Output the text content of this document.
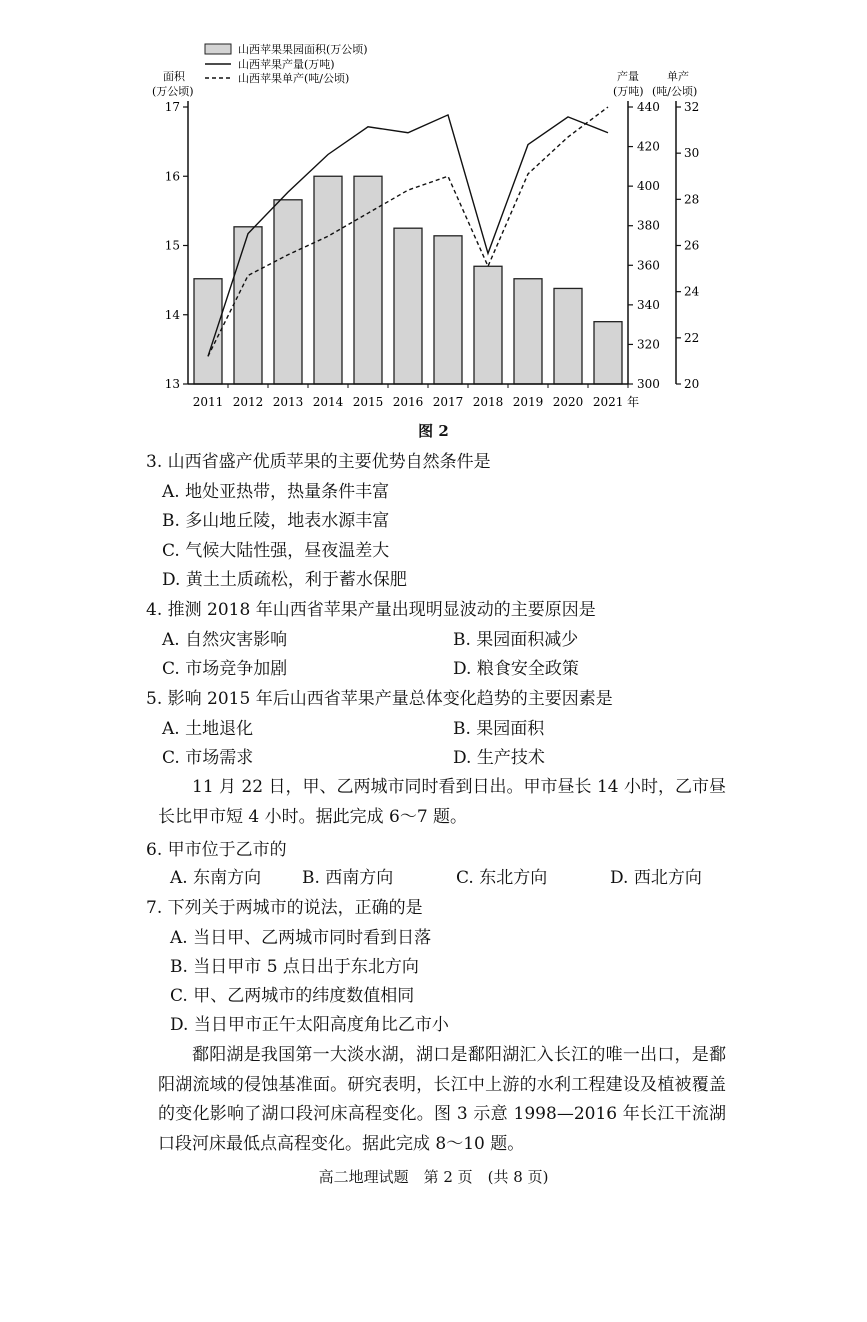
13
14
15
16
17
300
320
340
360
380
400
420
440
20
22
24
26
28
30
32
2011 2012 2013 2014 2015 2016 2017 2018 2019 2020 2021 年
面积
(万公顷)
产量
(万吨)
单产
(吨/公顷)
山西苹果果园面积(万公顷)
山西苹果产量(万吨)
山西苹果单产(吨/公顷)
图 2
3. 山西省盛产优质苹果的主要优势自然条件是
A. 地处亚热带，热量条件丰富
B. 多山地丘陵，地表水源丰富
C. 气候大陆性强，昼夜温差大
D. 黄土土质疏松，利于蓄水保肥
4. 推测 2018 年山西省苹果产量出现明显波动的主要原因是
A. 自然灾害影响	B. 果园面积减少
C. 市场竞争加剧	D. 粮食安全政策
5. 影响 2015 年后山西省苹果产量总体变化趋势的主要因素是
A. 土地退化	B. 果园面积
C. 市场需求	D. 生产技术
11 月 22 日，甲、乙两城市同时看到日出。甲市昼长 14 小时，乙市昼长比甲市短 4 小时。据此完成 6～7 题。
6. 甲市位于乙市的
A. 东南方向 B. 西南方向	C. 东北方向	D. 西北方向
7. 下列关于两城市的说法，正确的是
A. 当日甲、乙两城市同时看到日落
B. 当日甲市 5 点日出于东北方向
C. 甲、乙两城市的纬度数值相同
D. 当日甲市正午太阳高度角比乙市小
鄱阳湖是我国第一大淡水湖，湖口是鄱阳湖汇入长江的唯一出口，是鄱阳湖流域的侵蚀基准面。研究表明，长江中上游的水利工程建设及植被覆盖的变化影响了湖口段河床高程变化。图 3 示意 1998—2016 年长江干流湖口段河床最低点高程变化。据此完成 8～10 题。
高二地理试题　第 2 页　(共 8 页)
